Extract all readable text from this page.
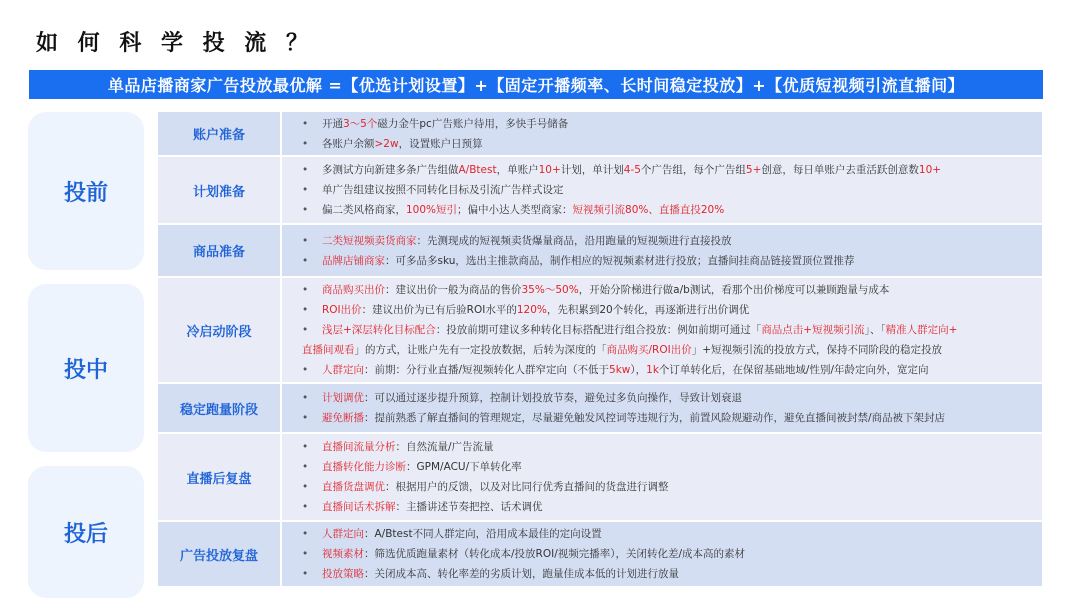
如 何 科 学 投 流 ？
单品店播商家广告投放最优解 =【优选计划设置】+【固定开播频率、长时间稳定投放】+【优质短视频引流直播间】
投前
投中
投后
账户准备
• 开通3～5个磁力金牛pc广告账户待用，多快手号储备
• 各账户余额>2w，设置账户日预算
计划准备
• 多测试方向新建多条广告组做A/Btest，单账户10+计划，单计划4-5个广告组，每个广告组5+创意，每日单账户去重活跃创意数10+
• 单广告组建议按照不同转化目标及引流广告样式设定
• 偏二类风格商家，100%短引；偏中小达人类型商家：短视频引流80%、直播直投20%
商品准备
• 二类短视频卖货商家：先测现成的短视频卖货爆量商品，沿用跑量的短视频进行直接投放
• 品牌店铺商家：可多品多sku，选出主推款商品，制作相应的短视频素材进行投放；直播间挂商品链接置顶位置推荐
冷启动阶段
• 商品购买出价：建议出价一般为商品的售价35%～50%，开始分阶梯进行做a/b测试，看那个出价梯度可以兼顾跑量与成本
• ROI出价：建议出价为已有后验ROI水平的120%，先积累到20个转化，再逐渐进行出价调优
• 浅层+深层转化目标配合：投放前期可建议多种转化目标搭配进行组合投放：例如前期可通过「商品点击+短视频引流」、「精准人群定向+
直播间观看」的方式，让账户先有一定投放数据，后转为深度的「商品购买/ROI出价」+短视频引流的投放方式，保持不同阶段的稳定投放
• 人群定向：前期：分行业直播/短视频转化人群窄定向（不低于5kw），1k个订单转化后，在保留基础地域/性别/年龄定向外，宽定向
稳定跑量阶段
• 计划调优：可以通过逐步提升预算，控制计划投放节奏，避免过多负向操作，导致计划衰退
• 避免断播：提前熟悉了解直播间的管理规定，尽量避免触发风控词等违规行为，前置风险规避动作，避免直播间被封禁/商品被下架封店
直播后复盘
• 直播间流量分析：自然流量/广告流量
• 直播转化能力诊断：GPM/ACU/下单转化率
• 直播货盘调优：根据用户的反馈，以及对比同行优秀直播间的货盘进行调整
• 直播间话术拆解：主播讲述节奏把控、话术调优
广告投放复盘
• 人群定向：A/Btest不同人群定向，沿用成本最佳的定向设置
• 视频素材：筛选优质跑量素材（转化成本/投放ROI/视频完播率），关闭转化差/成本高的素材
• 投放策略：关闭成本高、转化率差的劣质计划，跑量佳成本低的计划进行放量
